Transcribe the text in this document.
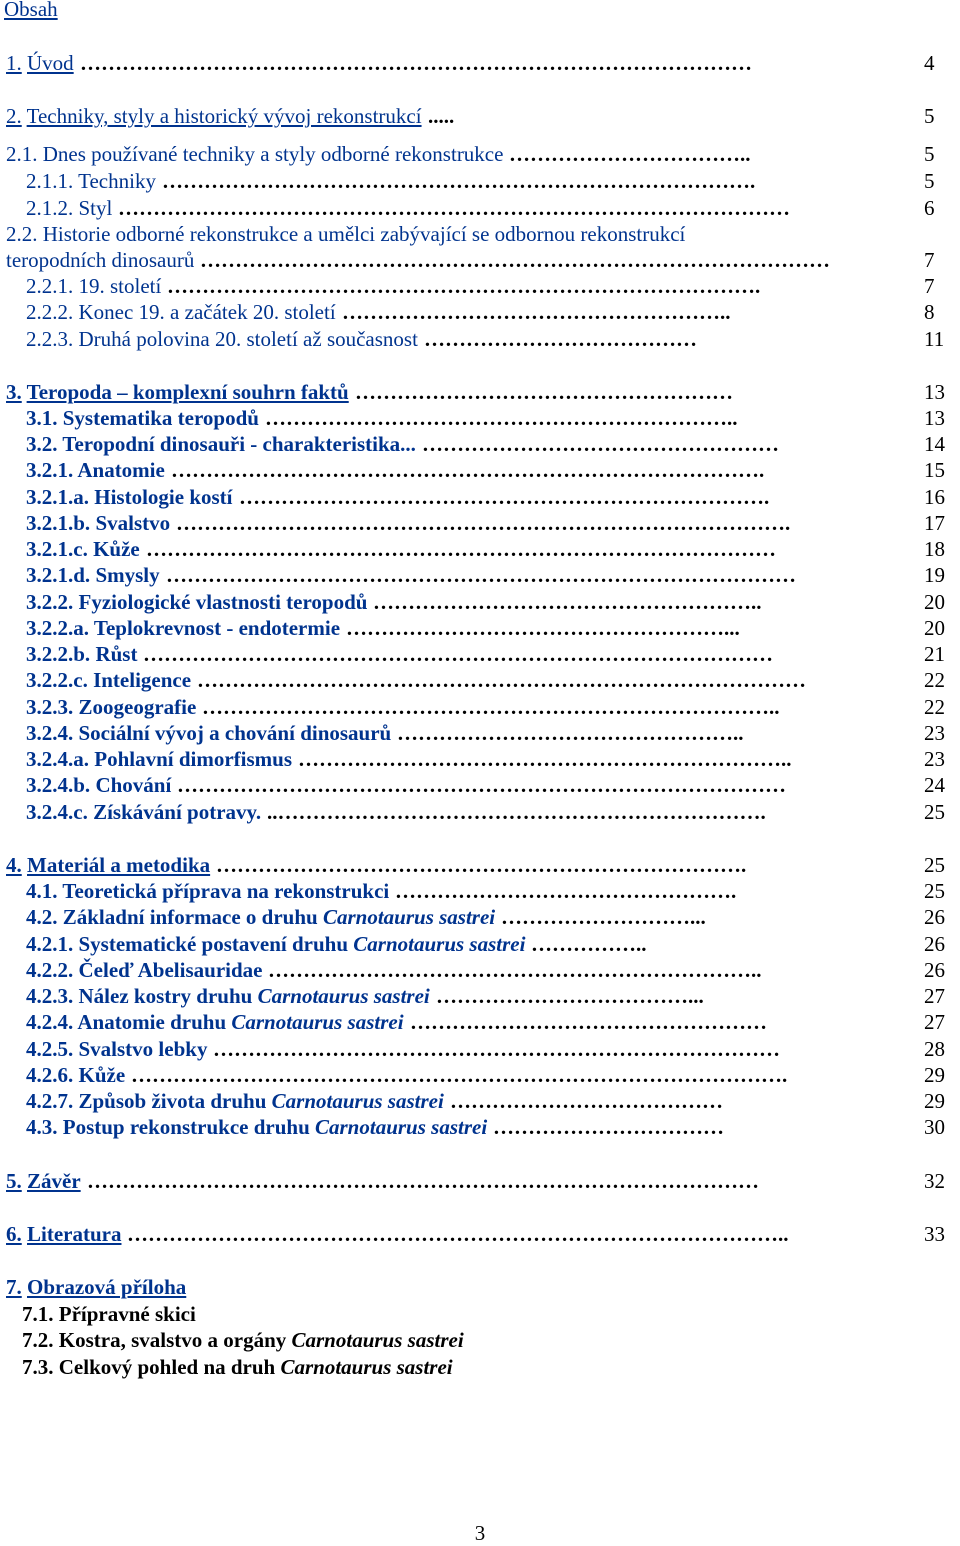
Obsah
1. Úvod ……………………………………………………………………………………	4
2. Techniky, styly a historický vývoj rekonstrukcí .....	5
2.1. Dnes používané techniky a styly odborné rekonstrukce ……………………………..	5
2.1.1. Techniky ………………………………………………………………………….	5
2.1.2. Styl ……………………………………………………………………………………	6
2.2. Historie odborné rekonstrukce a umělci zabývající se odbornou rekonstrukcí
teropodních dinosaurů ………………………………………………………………………………	7
2.2.1. 19. století ………………………………………………………………………….	7
2.2.2. Konec 19. a začátek 20. století ………………………………………………..	8
2.2.3. Druhá polovina 20. století až současnost …………………………………	11
3. Teropoda – komplexní souhrn faktů ………………………………………………	13
3.1. Systematika teropodů …………………………………………………………..	13
3.2. Teropodní dinosauři - charakteristika... ……………………………………………	14
3.2.1. Anatomie ………………………………………………………………………….	15
3.2.1.a. Histologie kostí ………………………………………………………………….	16
3.2.1.b. Svalstvo …………………………………………………………………………….	17
3.2.1.c. Kůže ………………………………………………………………………………	18
3.2.1.d. Smysly ………………………………………………………………………………	19
3.2.2. Fyziologické vlastnosti teropodů ………………………………………………..	20
3.2.2.a. Teplokrevnost - endotermie ………………………………………………...	20
3.2.2.b. Růst ………………………………………………………………………………	21
3.2.2.c. Inteligence ……………………………………………………………………………	22
3.2.3. Zoogeografie ………………………………………………………………………..	22
3.2.4. Sociální vývoj a chování dinosaurů …………………………………………..	23
3.2.4.a. Pohlavní dimorfismus ……………………………………………………………..	23
3.2.4.b. Chování ……………………………………………………………………………	24
3.2.4.c. Získávání potravy. ..…………………………………………………………….	25
4. Materiál a metodika ………………………………………………………………….	25
4.1. Teoretická příprava na rekonstrukci ………………………………………….	25
4.2. Základní informace o druhu Carnotaurus sastrei ………………………...	26
4.2.1. Systematické postavení druhu Carnotaurus sastrei ……………..	26
4.2.2. Čeleď Abelisauridae ……………………………………………………………..	26
4.2.3. Nález kostry druhu Carnotaurus sastrei ………………………………...	27
4.2.4. Anatomie druhu Carnotaurus sastrei ……………………………………………	27
4.2.5. Svalstvo lebky ………………………………………………………………………	28
4.2.6. Kůže ………………………………………………………………………………….	29
4.2.7. Způsob života druhu Carnotaurus sastrei …………………………………	29
4.3. Postup rekonstrukce druhu Carnotaurus sastrei ……………………………	30
5. Závěr ……………………………………………………………………………………	32
6. Literatura …………………………………………………………………………………..	33
7. Obrazová příloha
7.1. Přípravné skici
7.2. Kostra, svalstvo a orgány Carnotaurus sastrei
7.3. Celkový pohled na druh Carnotaurus sastrei
3
